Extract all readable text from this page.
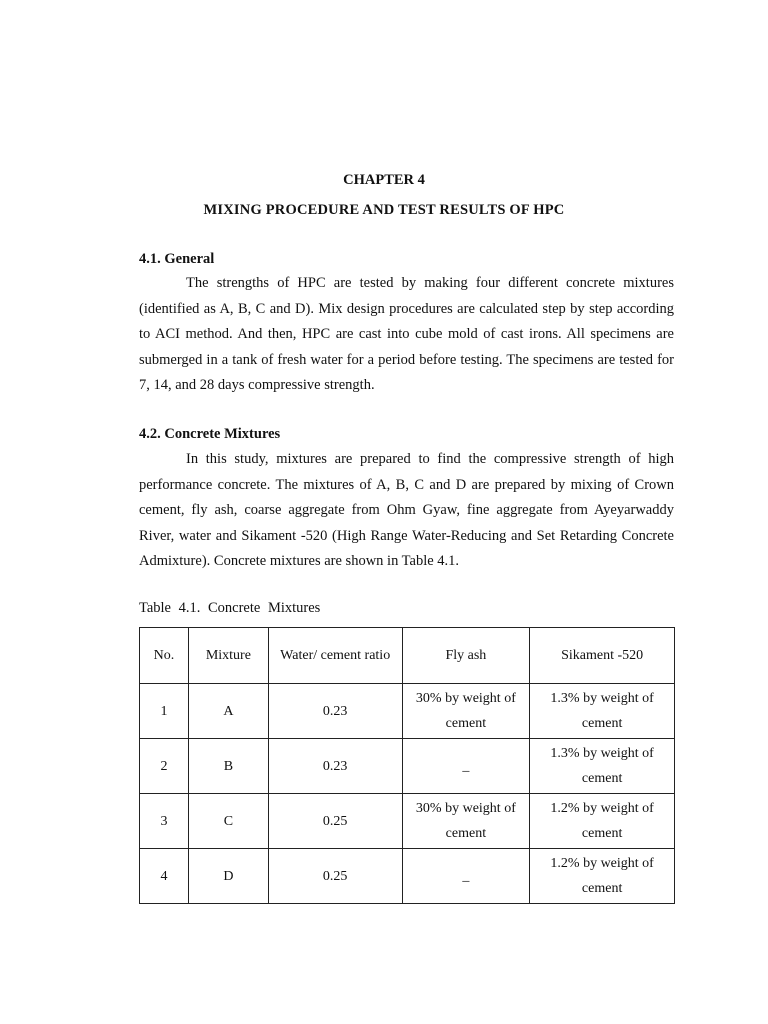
CHAPTER 4
MIXING PROCEDURE AND TEST RESULTS OF HPC
4.1. General
The strengths of HPC are tested by making four different concrete mixtures (identified as A, B, C and D). Mix design procedures are calculated step by step according to ACI method. And then, HPC are cast into cube mold of cast irons. All specimens are submerged in a tank of fresh water for a period before testing. The specimens are tested for 7, 14, and 28 days compressive strength.
4.2. Concrete Mixtures
In this study, mixtures are prepared to find the compressive strength of high performance concrete. The mixtures of A, B, C and D are prepared by mixing of Crown cement, fly ash, coarse aggregate from Ohm Gyaw, fine aggregate from Ayeyarwaddy River, water and Sikament -520 (High Range Water-Reducing and Set Retarding Concrete Admixture). Concrete mixtures are shown in Table 4.1.
Table 4.1. Concrete Mixtures
No.	Mixture	Water/ cement ratio	Fly ash	Sikament -520
1	A	0.23	30% by weight of cement	1.3% by weight of cement
2	B	0.23	_	1.3% by weight of cement
3	C	0.25	30% by weight of cement	1.2% by weight of cement
4	D	0.25	_	1.2% by weight of cement
